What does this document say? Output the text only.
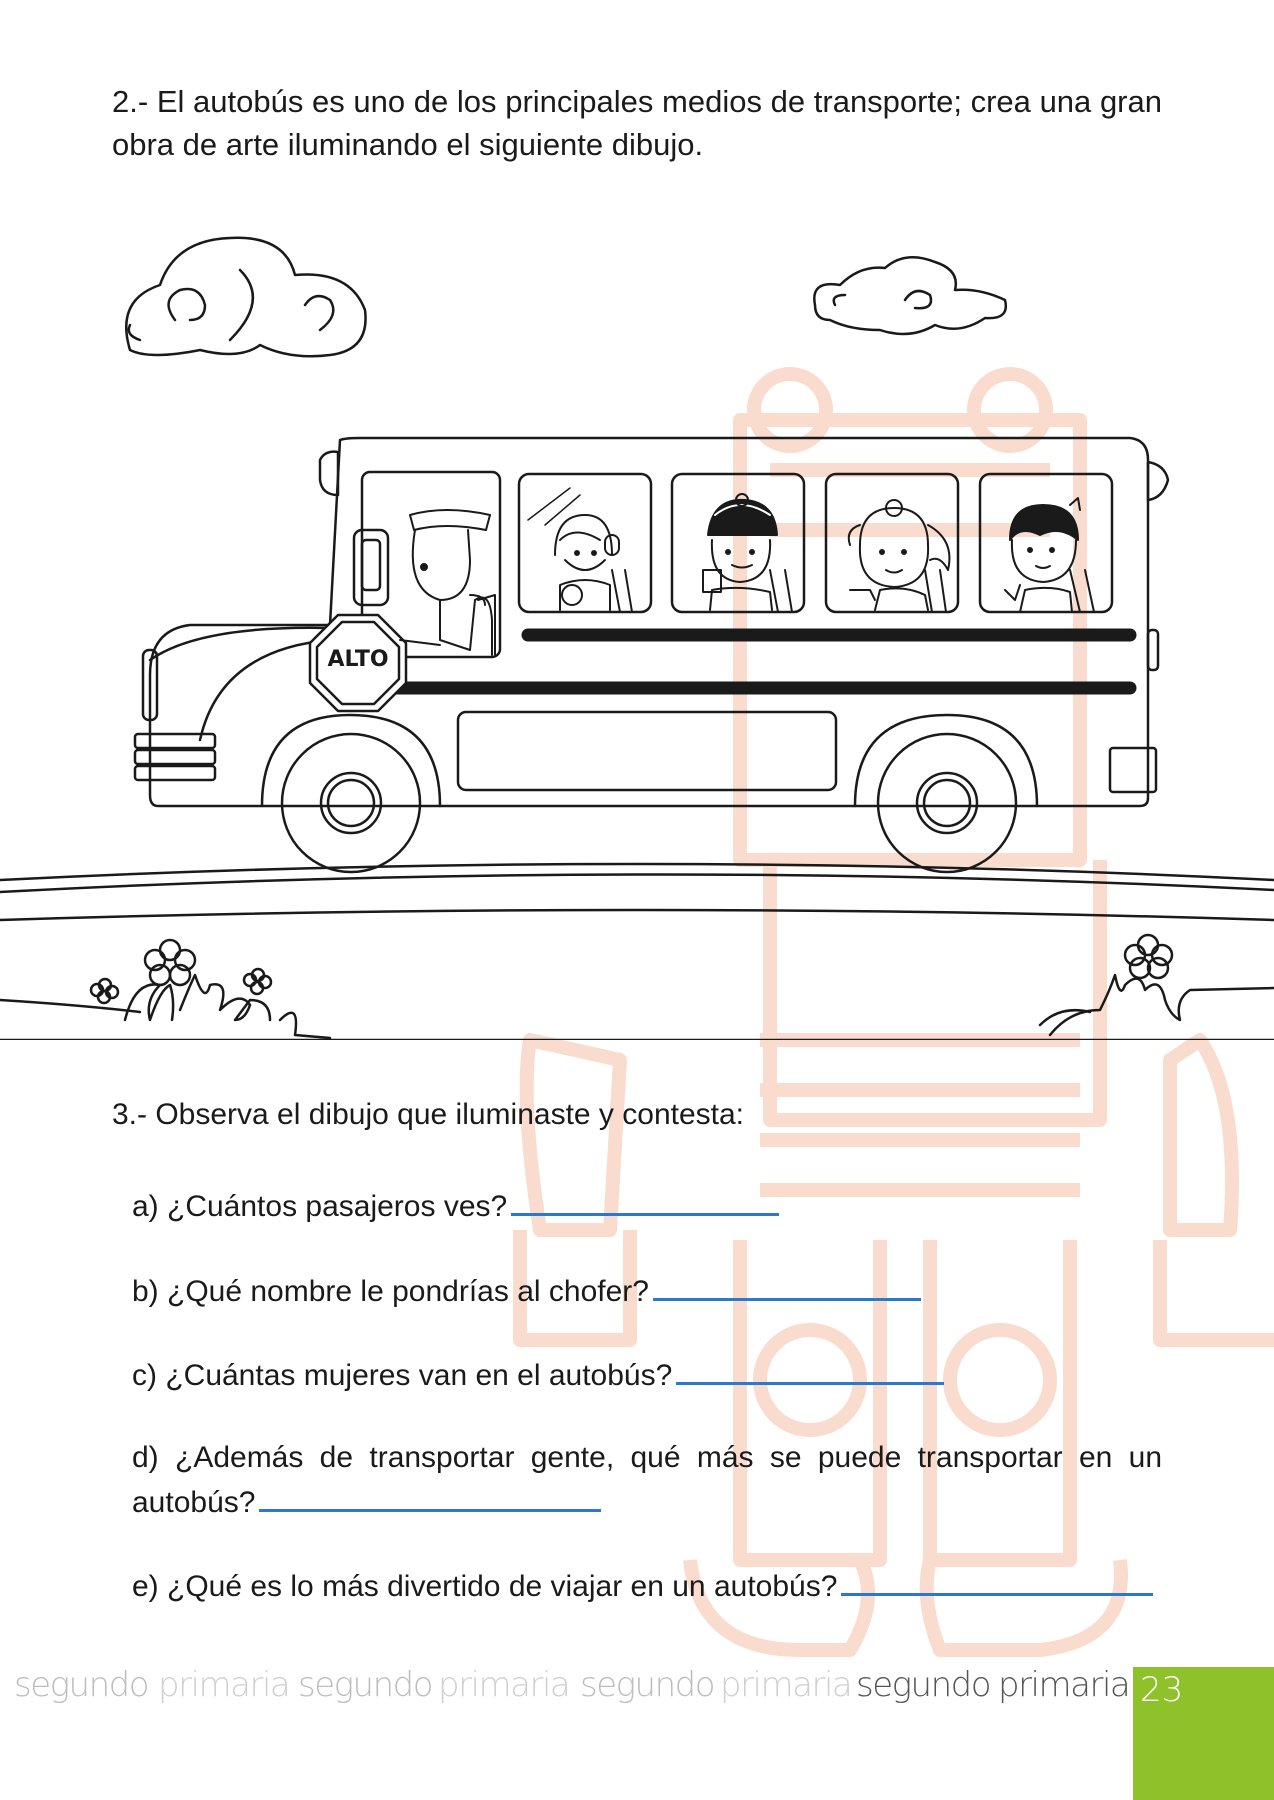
2.- El autobús es uno de los principales medios de transporte; crea una gran obra de arte iluminando el siguiente dibujo.

ALTO

3.- Observa el dibujo que iluminaste y contesta:

a) ¿Cuántos pasajeros ves?

b) ¿Qué nombre le pondrías al chofer?

c) ¿Cuántas mujeres van en el autobús?

d) ¿Además de transportar gente, qué más se puede transportar en un autobús?

e) ¿Qué es lo más divertido de viajar en un autobús?

segundo primaria segundo primaria segundo primaria segundo primaria 23
